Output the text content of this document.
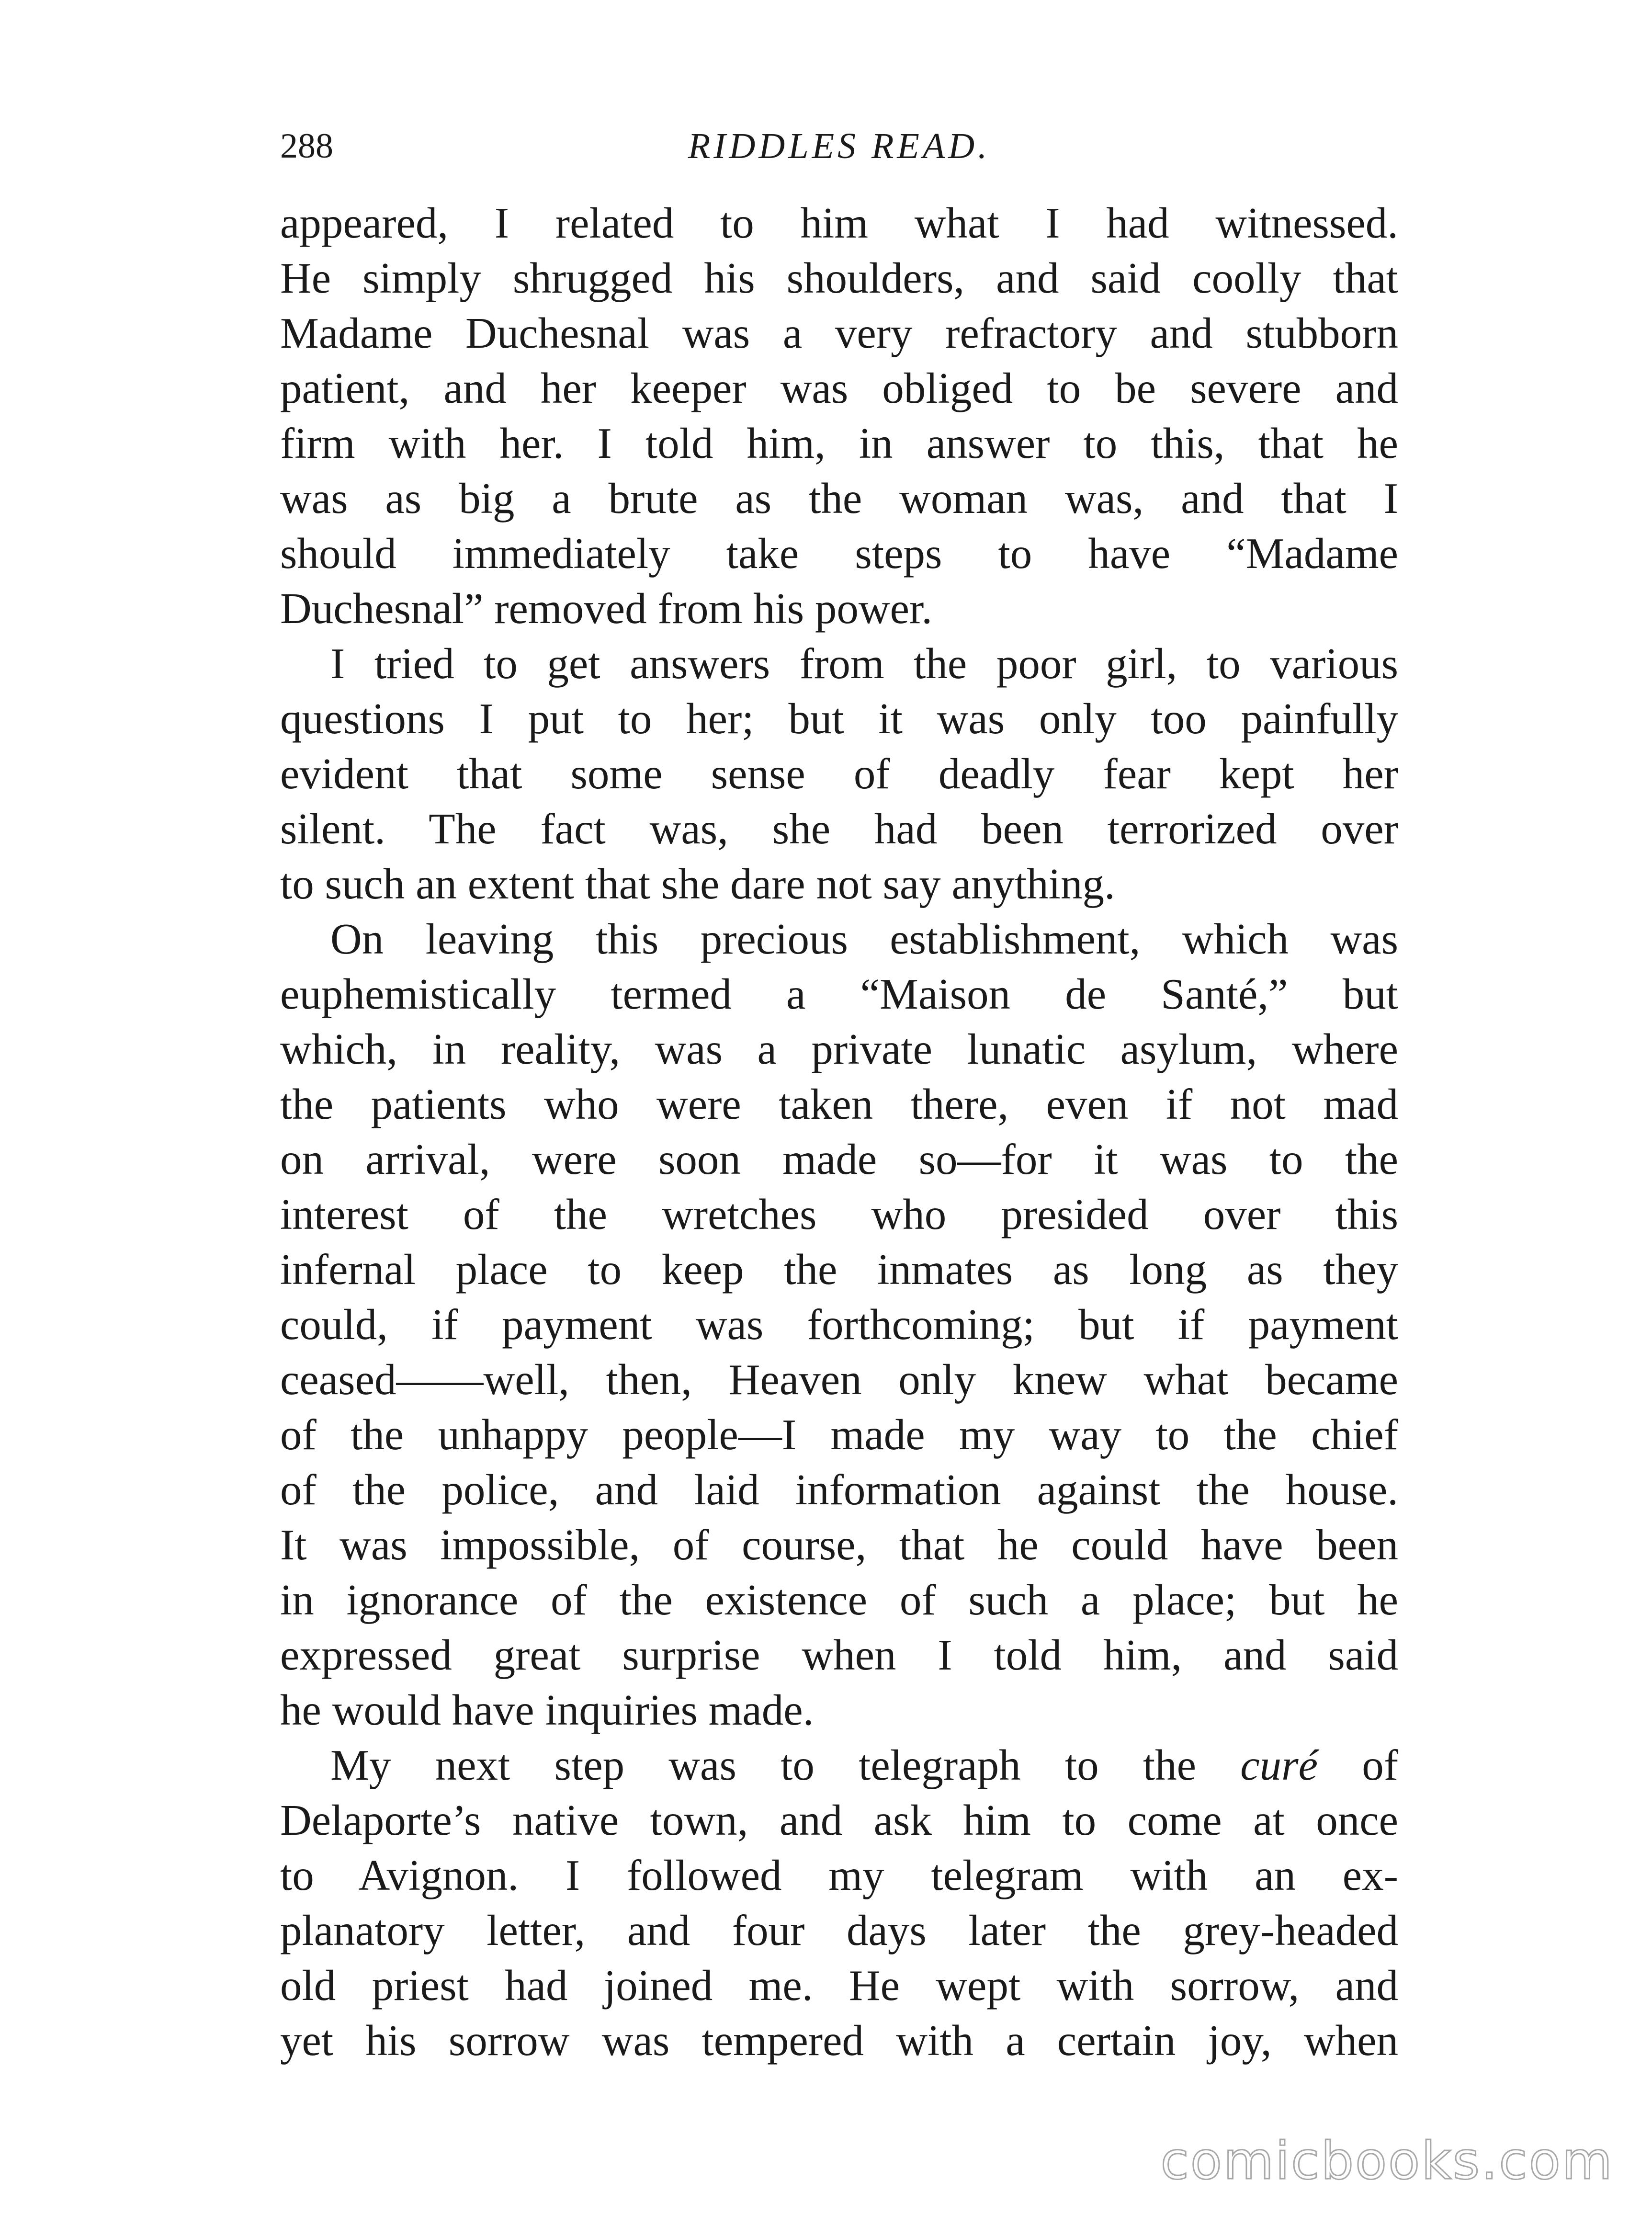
288	RIDDLES READ.
appeared, I related to him what I had witnessed.
He simply shrugged his shoulders, and said coolly that
Madame Duchesnal was a very refractory and stubborn
patient, and her keeper was obliged to be severe and
firm with her. I told him, in answer to this, that he
was as big a brute as the woman was, and that I
should immediately take steps to have “Madame
Duchesnal” removed from his power.
I tried to get answers from the poor girl, to various
questions I put to her; but it was only too painfully
evident that some sense of deadly fear kept her
silent. The fact was, she had been terrorized over
to such an extent that she dare not say anything.
On leaving this precious establishment, which was
euphemistically termed a “Maison de Santé,” but
which, in reality, was a private lunatic asylum, where
the patients who were taken there, even if not mad
on arrival, were soon made so—for it was to the
interest of the wretches who presided over this
infernal place to keep the inmates as long as they
could, if payment was forthcoming; but if payment
ceased——well, then, Heaven only knew what became
of the unhappy people—I made my way to the chief
of the police, and laid information against the house.
It was impossible, of course, that he could have been
in ignorance of the existence of such a place; but he
expressed great surprise when I told him, and said
he would have inquiries made.
My next step was to telegraph to the curé of
Delaporte’s native town, and ask him to come at once
to Avignon. I followed my telegram with an ex-
planatory letter, and four days later the grey-headed
old priest had joined me. He wept with sorrow, and
yet his sorrow was tempered with a certain joy, when
comicbooks.com
